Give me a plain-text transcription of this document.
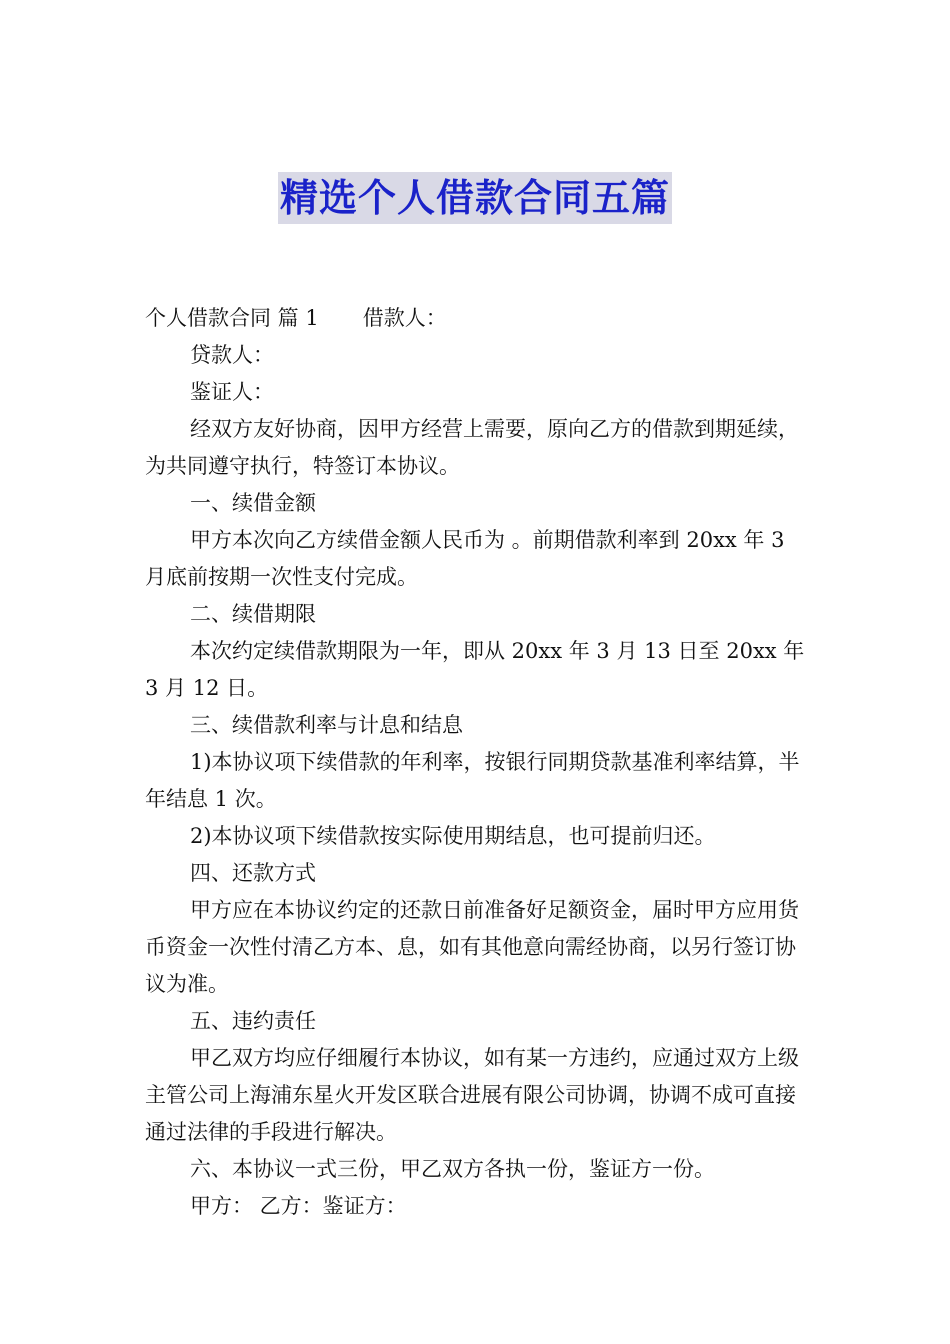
精选个人借款合同五篇

个人借款合同 篇 1 借款人：

贷款人：

鉴证人：

经双方友好协商，因甲方经营上需要，原向乙方的借款到期延续，为共同遵守执行，特签订本协议。

一、续借金额

甲方本次向乙方续借金额人民币为 。前期借款利率到 20xx 年 3 月底前按期一次性支付完成。

二、续借期限

本次约定续借款期限为一年，即从 20xx 年 3 月 13 日至 20xx 年 3 月 12 日。

三、续借款利率与计息和结息

1)本协议项下续借款的年利率，按银行同期贷款基准利率结算，半年结息 1 次。

2)本协议项下续借款按实际使用期结息，也可提前归还。

四、还款方式

甲方应在本协议约定的还款日前准备好足额资金，届时甲方应用货币资金一次性付清乙方本、息，如有其他意向需经协商，以另行签订协议为准。

五、违约责任

甲乙双方均应仔细履行本协议，如有某一方违约，应通过双方上级主管公司上海浦东星火开发区联合进展有限公司协调，协调不成可直接通过法律的手段进行解决。

六、本协议一式三份，甲乙双方各执一份，鉴证方一份。

甲方： 乙方：鉴证方：
